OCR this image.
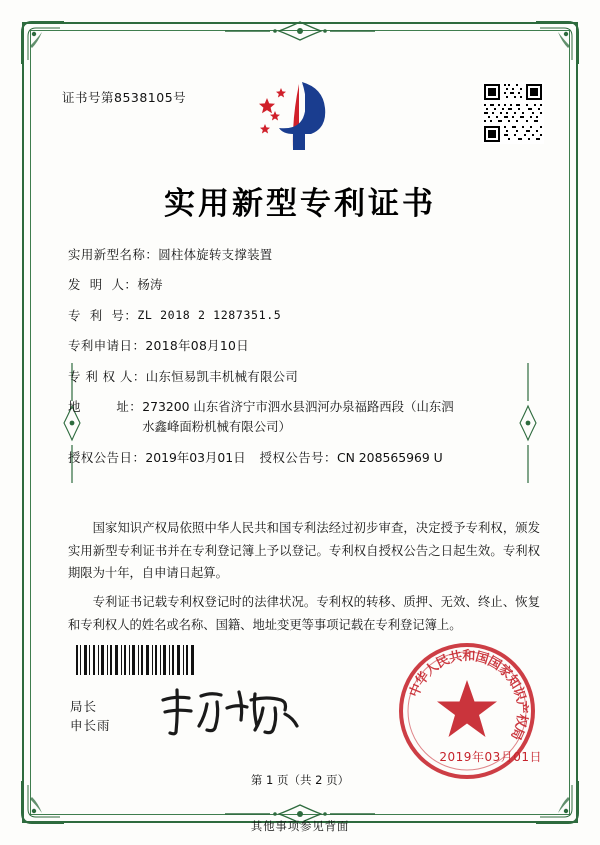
证书号第8538105号
实用新型专利证书
实用新型名称： 圆柱体旋转支撑装置
发  明  人： 杨涛
专  利  号： ZL 2018 2 1287351.5
专利申请日： 2018年08月10日
专 利 权 人： 山东恒易凯丰机械有限公司
地        址： 273200 山东省济宁市泗水县泗河办泉福路西段（山东泗
水鑫峰面粉机械有限公司）
授权公告日： 2019年03月01日	授权公告号： CN 208565969 U
国家知识产权局依照中华人民共和国专利法经过初步审查，决定授予专利权，颁发实用新型专利证书并在专利登记簿上予以登记。专利权自授权公告之日起生效。专利权期限为十年，自申请日起算。
专利证书记载专利权登记时的法律状况。专利权的转移、质押、无效、终止、恢复和专利权人的姓名或名称、国籍、地址变更等事项记载在专利登记簿上。
局长
申长雨
中
华
人
民
共
和
国
国
家
知
识
产
权
局
2019年03月01日
第 1 页（共 2 页）
其他事项参见背面
